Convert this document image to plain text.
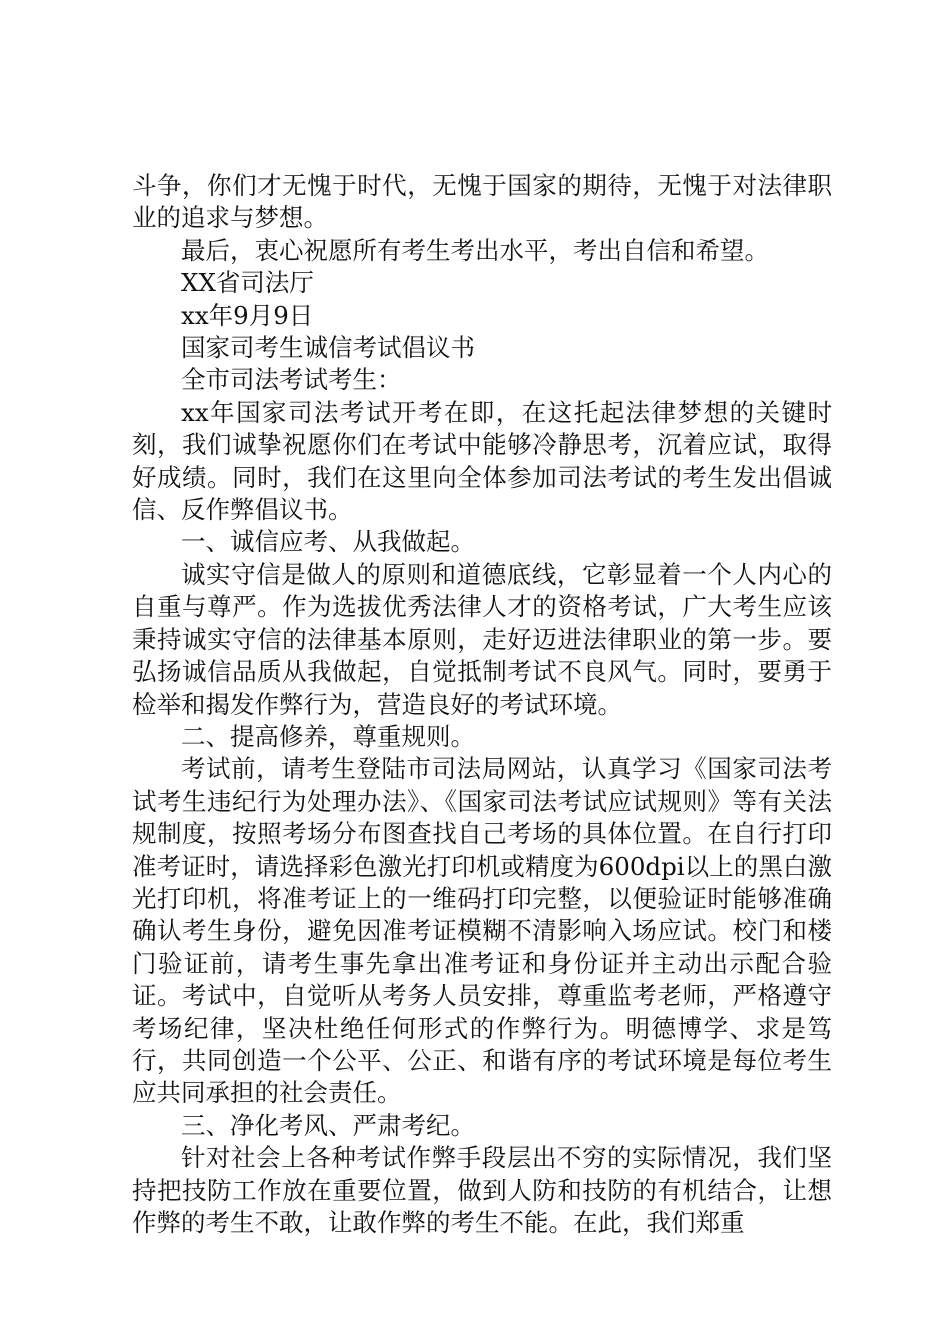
斗争，你们才无愧于时代，无愧于国家的期待，无愧于对法律职业的追求与梦想。

最后，衷心祝愿所有考生考出水平，考出自信和希望。

XX省司法厅

xx年9月9日

国家司考生诚信考试倡议书

全市司法考试考生：

xx年国家司法考试开考在即，在这托起法律梦想的关键时刻，我们诚挚祝愿你们在考试中能够冷静思考，沉着应试，取得好成绩。同时，我们在这里向全体参加司法考试的考生发出倡诚信、反作弊倡议书。

一、诚信应考、从我做起。

诚实守信是做人的原则和道德底线，它彰显着一个人内心的自重与尊严。作为选拔优秀法律人才的资格考试，广大考生应该秉持诚实守信的法律基本原则，走好迈进法律职业的第一步。要弘扬诚信品质从我做起，自觉抵制考试不良风气。同时，要勇于检举和揭发作弊行为，营造良好的考试环境。

二、提高修养，尊重规则。

考试前，请考生登陆市司法局网站，认真学习《国家司法考试考生违纪行为处理办法》、《国家司法考试应试规则》等有关法规制度，按照考场分布图查找自己考场的具体位置。在自行打印准考证时，请选择彩色激光打印机或精度为600dpi以上的黑白激光打印机，将准考证上的一维码打印完整，以便验证时能够准确确认考生身份，避免因准考证模糊不清影响入场应试。校门和楼门验证前，请考生事先拿出准考证和身份证并主动出示配合验证。考试中，自觉听从考务人员安排，尊重监考老师，严格遵守考场纪律，坚决杜绝任何形式的作弊行为。明德博学、求是笃行，共同创造一个公平、公正、和谐有序的考试环境是每位考生应共同承担的社会责任。

三、净化考风、严肃考纪。

针对社会上各种考试作弊手段层出不穷的实际情况，我们坚持把技防工作放在重要位置，做到人防和技防的有机结合，让想作弊的考生不敢，让敢作弊的考生不能。在此，我们郑重
